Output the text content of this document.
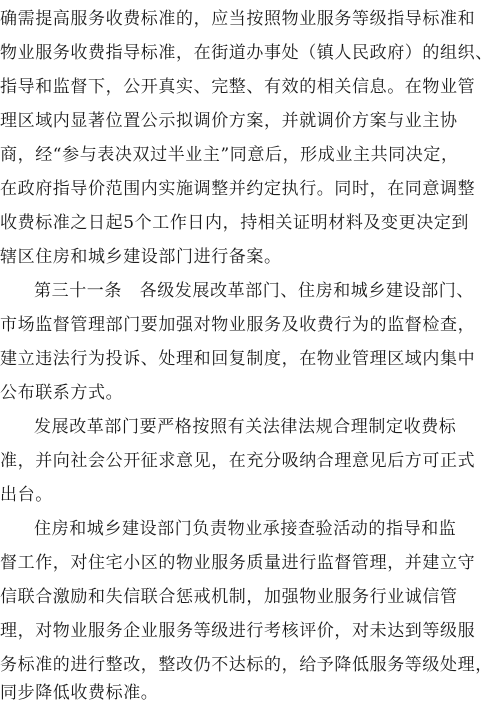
确需提高服务收费标准的，应当按照物业服务等级指导标准和
物业服务收费指导标准，在街道办事处（镇人民政府）的组织、
指导和监督下，公开真实、完整、有效的相关信息。在物业管
理区域内显著位置公示拟调价方案，并就调价方案与业主协
商，经“参与表决双过半业主”同意后，形成业主共同决定，
在政府指导价范围内实施调整并约定执行。同时，在同意调整
收费标准之日起5个工作日内，持相关证明材料及变更决定到
辖区住房和城乡建设部门进行备案。
第三十一条　各级发展改革部门、住房和城乡建设部门、
市场监督管理部门要加强对物业服务及收费行为的监督检查，
建立违法行为投诉、处理和回复制度，在物业管理区域内集中
公布联系方式。
发展改革部门要严格按照有关法律法规合理制定收费标
准，并向社会公开征求意见，在充分吸纳合理意见后方可正式
出台。
住房和城乡建设部门负责物业承接查验活动的指导和监
督工作，对住宅小区的物业服务质量进行监督管理，并建立守
信联合激励和失信联合惩戒机制，加强物业服务行业诚信管
理，对物业服务企业服务等级进行考核评价，对未达到等级服
务标准的进行整改，整改仍不达标的，给予降低服务等级处理，
同步降低收费标准。
